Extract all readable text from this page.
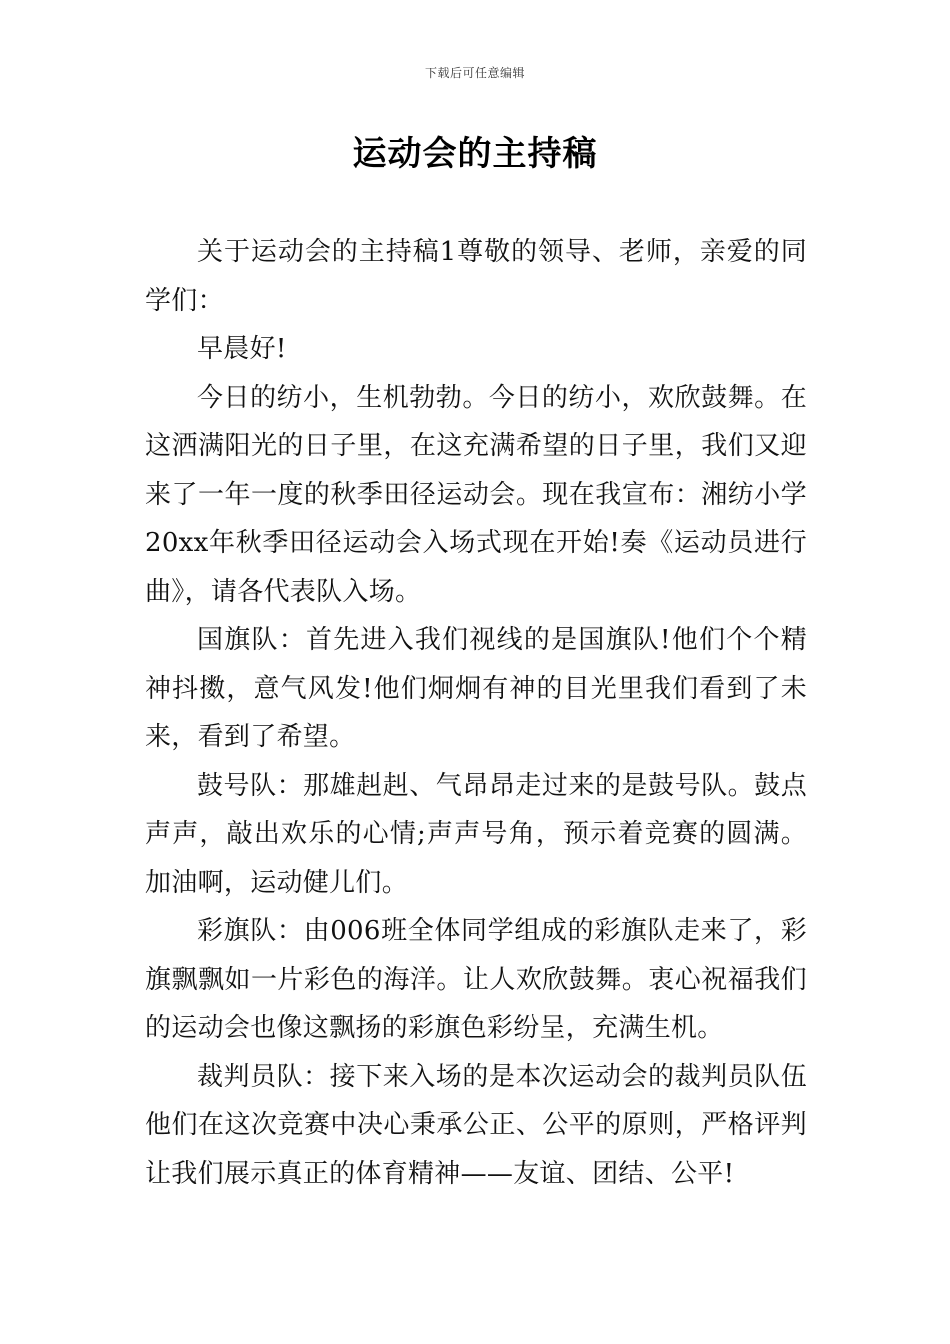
下载后可任意编辑
运动会的主持稿

关于运动会的主持稿1尊敬的领导、老师，亲爱的同学们：

早晨好!

今日的纺小，生机勃勃。今日的纺小，欢欣鼓舞。在这洒满阳光的日子里，在这充满希望的日子里，我们又迎来了一年一度的秋季田径运动会。现在我宣布：湘纺小学20xx年秋季田径运动会入场式现在开始!奏《运动员进行曲》，请各代表队入场。

国旗队：首先进入我们视线的是国旗队!他们个个精神抖擞，意气风发!他们炯炯有神的目光里我们看到了未来，看到了希望。

鼓号队：那雄赳赳、气昂昂走过来的是鼓号队。鼓点声声，敲出欢乐的心情;声声号角，预示着竞赛的圆满。加油啊，运动健儿们。

彩旗队：由006班全体同学组成的彩旗队走来了，彩旗飘飘如一片彩色的海洋。让人欢欣鼓舞。衷心祝福我们的运动会也像这飘扬的彩旗色彩纷呈，充满生机。

裁判员队：接下来入场的是本次运动会的裁判员队伍他们在这次竞赛中决心秉承公正、公平的原则，严格评判让我们展示真正的体育精神——友谊、团结、公平!
